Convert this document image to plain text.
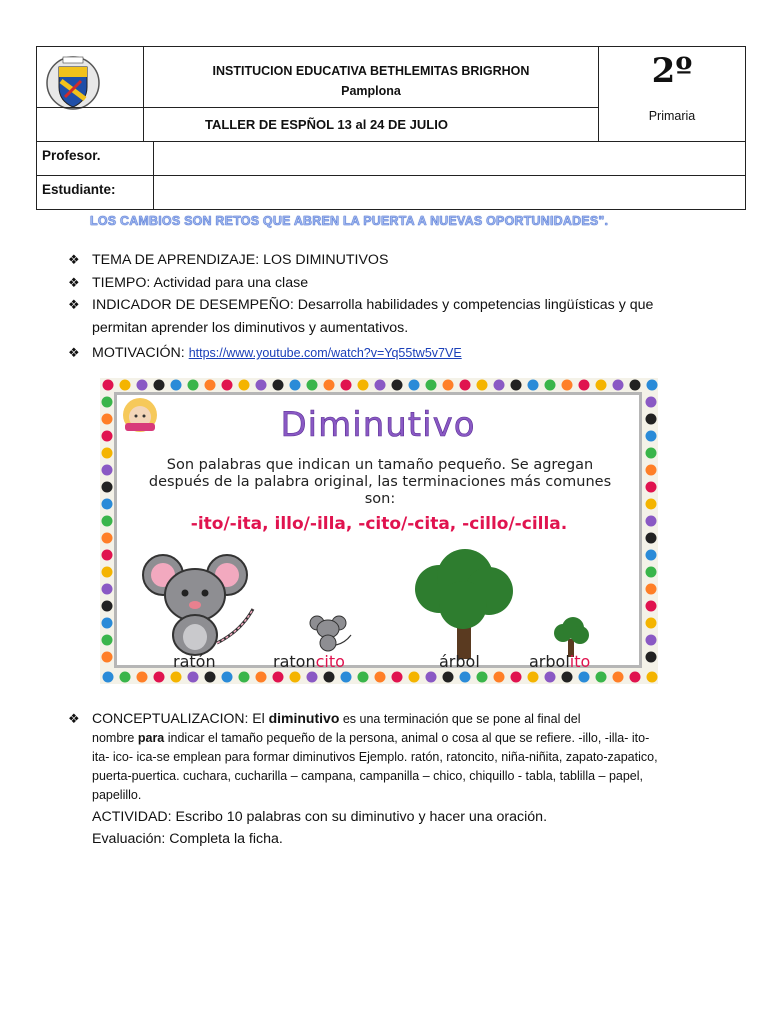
INSTITUCION EDUCATIVA BETHLEMITAS BRIGRHON
Pamplona	2º
Primaria
TALLER DE ESPÑOL 13 al 24 DE JULIO
Profesor.
Estudiante:
LOS CAMBIOS SON RETOS QUE ABREN LA PUERTA A NUEVAS OPORTUNIDADES".
❖ TEMA DE APRENDIZAJE: LOS DIMINUTIVOS
❖ TIEMPO: Actividad para una clase
❖ INDICADOR DE DESEMPEÑO: Desarrolla habilidades y competencias lingüísticas y que
permitan aprender los diminutivos y aumentativos.
❖ MOTIVACIÓN: https://www.youtube.com/watch?v=Yq55tw5v7VE
Diminutivo
Son palabras que indican un tamaño pequeño. Se agregan después de la palabra original, las terminaciones más comunes son:
-ito/-ita, illo/-illa, -cito/-cita, -cillo/-cilla.
ratón	ratoncito	árbol	arbolito
❖ CONCEPTUALIZACION: El diminutivo es una terminación que se pone al final del
nombre para indicar el tamaño pequeño de la persona, animal o cosa al que se refiere. -illo, -illa- ito-
ita- ico- ica-se emplean para formar diminutivos Ejemplo. ratón, ratoncito, niña-niñita, zapato-zapatico,
puerta-puertica. cuchara, cucharilla – campana, campanilla – chico, chiquillo - tabla, tablilla – papel,
papelillo.
ACTIVIDAD: Escribo 10 palabras con su diminutivo y hacer una oración.
Evaluación: Completa la ficha.
